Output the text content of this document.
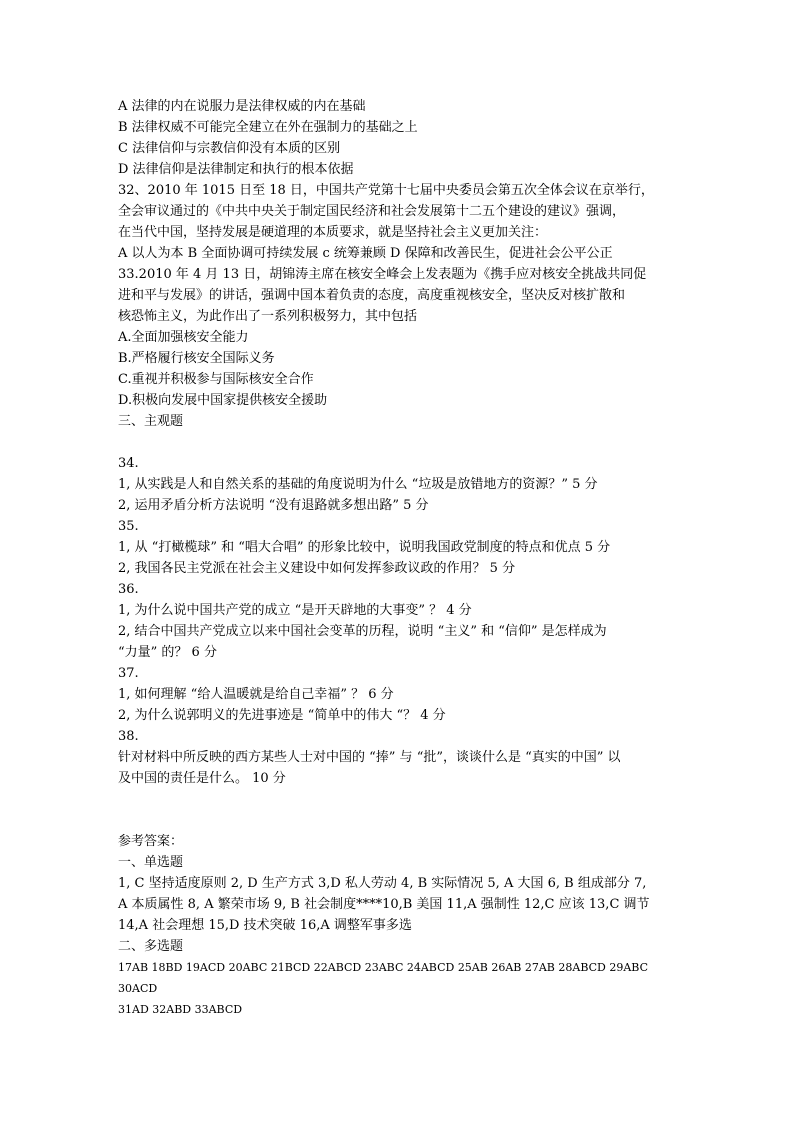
A 法律的内在说服力是法律权威的内在基础
B 法律权威不可能完全建立在外在强制力的基础之上
C 法律信仰与宗教信仰没有本质的区别
D 法律信仰是法律制定和执行的根本依据
32、2010 年 1015 日至 18 日，中国共产党第十七届中央委员会第五次全体会议在京举行，
全会审议通过的《中共中央关于制定国民经济和社会发展第十二五个建设的建议》强调，
在当代中国，坚持发展是硬道理的本质要求，就是坚持社会主义更加关注：
A 以人为本 B 全面协调可持续发展 c 统筹兼顾 D 保障和改善民生，促进社会公平公正
33.2010 年 4 月 13 日，胡锦涛主席在核安全峰会上发表题为《携手应对核安全挑战共同促
进和平与发展》的讲话，强调中国本着负责的态度，高度重视核安全，坚决反对核扩散和
核恐怖主义，为此作出了一系列积极努力，其中包括
A.全面加强核安全能力
B.严格履行核安全国际义务
C.重视并积极参与国际核安全合作
D.积极向发展中国家提供核安全援助
三、主观题
34.
1, 从实践是人和自然关系的基础的角度说明为什么 “垃圾是放错地方的资源？” 5 分
2, 运用矛盾分析方法说明 “没有退路就多想出路” 5 分
35.
1, 从 “打橄榄球” 和 “唱大合唱” 的形象比较中，说明我国政党制度的特点和优点 5 分
2, 我国各民主党派在社会主义建设中如何发挥参政议政的作用？ 5 分
36.
1, 为什么说中国共产党的成立 “是开天辟地的大事变” ？ 4 分
2, 结合中国共产党成立以来中国社会变革的历程，说明 “主义” 和 “信仰” 是怎样成为
“力量” 的？ 6 分
37.
1, 如何理解 “给人温暖就是给自己幸福” ？ 6 分
2, 为什么说郭明义的先进事迹是 “简单中的伟大 “？ 4 分
38.
针对材料中所反映的西方某些人士对中国的 “捧” 与 “批”，谈谈什么是 “真实的中国” 以
及中国的责任是什么。 10 分
参考答案：
一、单选题
1, C 坚持适度原则 2, D 生产方式 3,D 私人劳动 4, B 实际情况 5, A 大国 6, B 组成部分 7,
A 本质属性 8, A 繁荣市场 9, B 社会制度****10,B 美国 11,A 强制性 12,C 应该 13,C 调节
14,A 社会理想 15,D 技术突破 16,A 调整军事多选
二、多选题
17AB 18BD 19ACD 20ABC 21BCD 22ABCD 23ABC 24ABCD 25AB 26AB 27AB 28ABCD 29ABC
30ACD
31AD 32ABD 33ABCD
